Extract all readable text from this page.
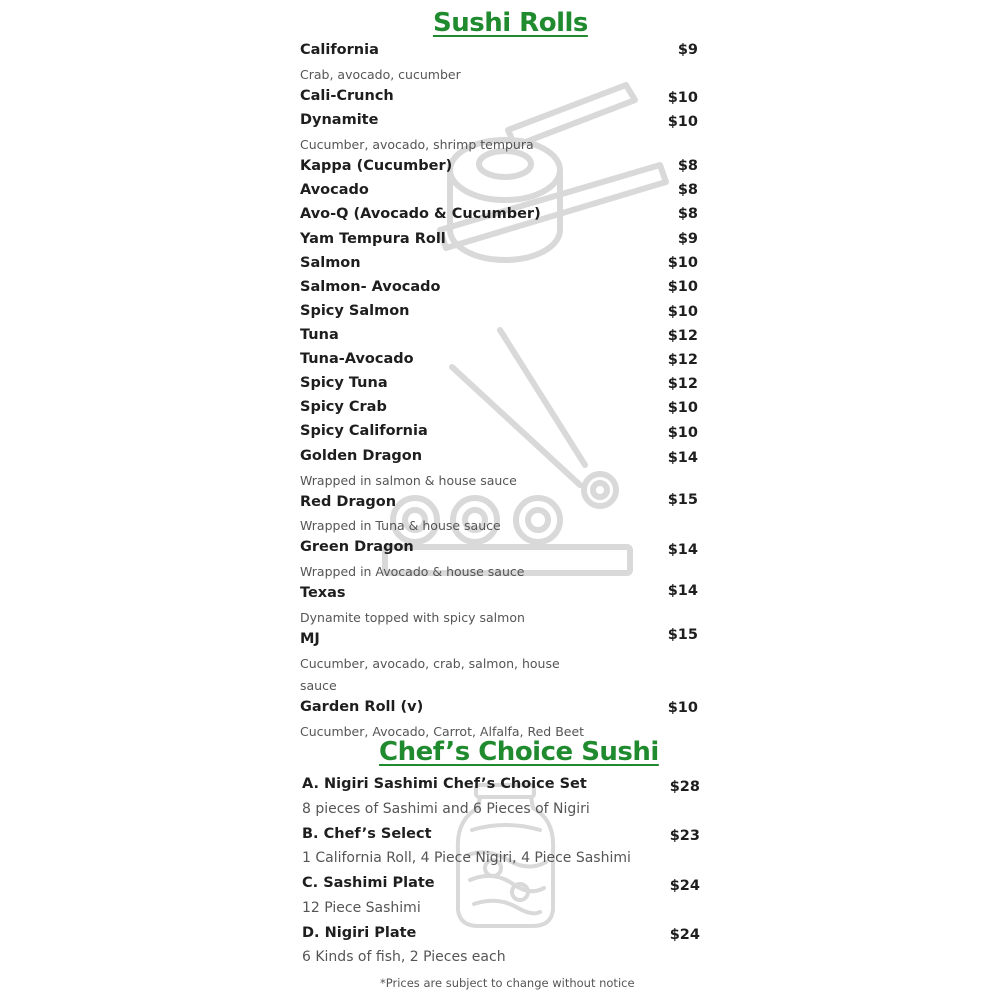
Sushi Rolls
California	$9
Crab, avocado, cucumber
Cali-Crunch	$10
Dynamite	$10
Cucumber, avocado, shrimp tempura
Kappa (Cucumber)	$8
Avocado	$8
Avo-Q (Avocado & Cucumber)	$8
Yam Tempura Roll	$9
Salmon	$10
Salmon- Avocado	$10
Spicy Salmon	$10
Tuna	$12
Tuna-Avocado	$12
Spicy Tuna	$12
Spicy Crab	$10
Spicy California	$10
Golden Dragon	$14
Wrapped in salmon & house sauce
Red Dragon	$15
Wrapped in Tuna & house sauce
Green Dragon	$14
Wrapped in Avocado & house sauce
Texas	$14
Dynamite topped with spicy salmon
MJ	$15
Cucumber, avocado, crab, salmon, house
sauce
Garden Roll (v)	$10
Cucumber, Avocado, Carrot, Alfalfa, Red Beet
Chef’s Choice Sushi
A. Nigiri Sashimi Chef’s Choice Set	$28
8 pieces of Sashimi and 6 Pieces of Nigiri
B. Chef’s Select	$23
1 California Roll, 4 Piece Nigiri, 4 Piece Sashimi
C. Sashimi Plate	$24
12 Piece Sashimi
D. Nigiri Plate	$24
6 Kinds of fish, 2 Pieces each
*Prices are subject to change without notice
